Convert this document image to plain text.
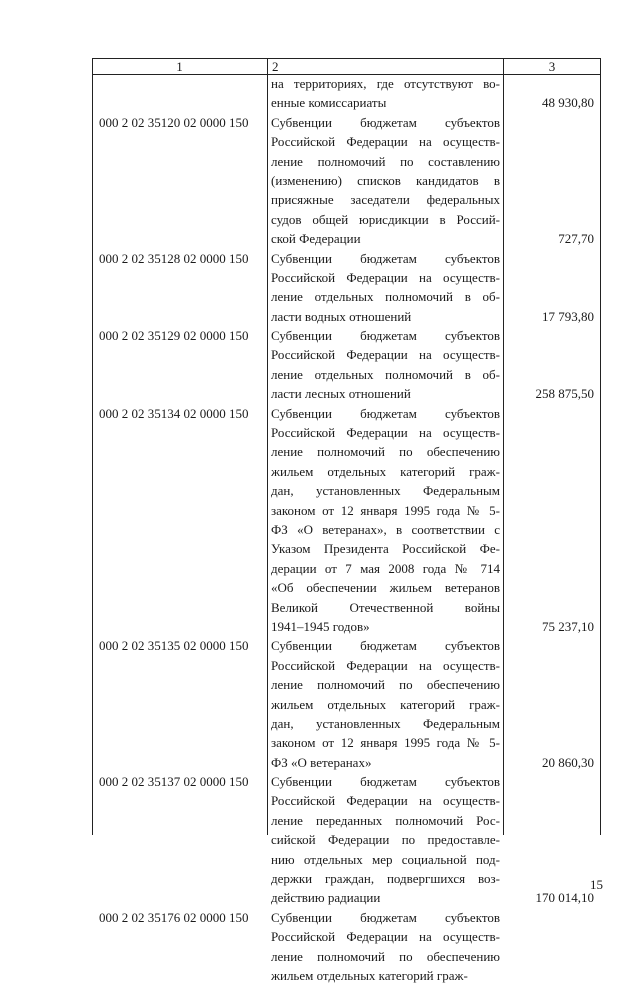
1	2	3
на территориях, где отсутствуют во-
енные комиссариаты	48 930,80
000 2 02 35120 02 0000 150 Субвенции бюджетам субъектов
Российской Федерации на осуществ-
ление полномочий по составлению
(изменению) списков кандидатов в
присяжные заседатели федеральных
судов общей юрисдикции в Россий-
ской Федерации	727,70
000 2 02 35128 02 0000 150 Субвенции бюджетам субъектов
Российской Федерации на осуществ-
ление отдельных полномочий в об-
ласти водных отношений	17 793,80
000 2 02 35129 02 0000 150 Субвенции бюджетам субъектов
Российской Федерации на осуществ-
ление отдельных полномочий в об-
ласти лесных отношений	258 875,50
000 2 02 35134 02 0000 150 Субвенции бюджетам субъектов
Российской Федерации на осуществ-
ление полномочий по обеспечению
жильем отдельных категорий граж-
дан, установленных Федеральным
законом от 12 января 1995 года № 5-
ФЗ «О ветеранах», в соответствии с
Указом Президента Российской Фе-
дерации от 7 мая 2008 года № 714
«Об обеспечении жильем ветеранов
Великой Отечественной войны
1941–1945 годов»	75 237,10
000 2 02 35135 02 0000 150 Субвенции бюджетам субъектов
Российской Федерации на осуществ-
ление полномочий по обеспечению
жильем отдельных категорий граж-
дан, установленных Федеральным
законом от 12 января 1995 года № 5-
ФЗ «О ветеранах»	20 860,30
000 2 02 35137 02 0000 150 Субвенции бюджетам субъектов
Российской Федерации на осуществ-
ление переданных полномочий Рос-
сийской Федерации по предоставле-
нию отдельных мер социальной под-
держки граждан, подвергшихся воз-
действию радиации	170 014,10
000 2 02 35176 02 0000 150 Субвенции бюджетам субъектов
Российской Федерации на осуществ-
ление полномочий по обеспечению
жильем отдельных категорий граж-
15
